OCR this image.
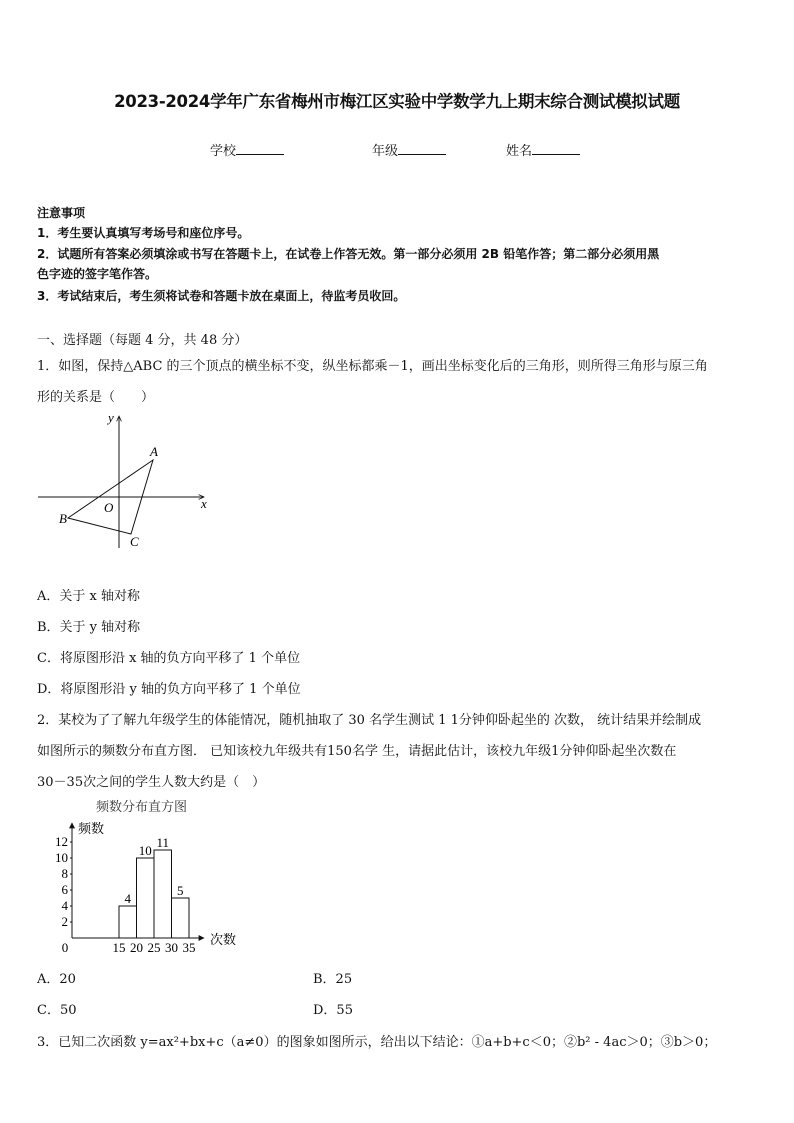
2023-2024学年广东省梅州市梅江区实验中学数学九上期末综合测试模拟试题
学校	年级	姓名
注意事项
1．考生要认真填写考场号和座位序号。
2．试题所有答案必须填涂或书写在答题卡上，在试卷上作答无效。第一部分必须用 2B 铅笔作答；第二部分必须用黑
色字迹的签字笔作答。
3．考试结束后，考生须将试卷和答题卡放在桌面上，待监考员收回。
一、选择题（每题 4 分，共 48 分）
1．如图，保持△ABC 的三个顶点的横坐标不变，纵坐标都乘－1，画出坐标变化后的三角形，则所得三角形与原三角
形的关系是（　　）
y
x
O
A
B
C
A．关于 x 轴对称
B．关于 y 轴对称
C．将原图形沿 x 轴的负方向平移了 1 个单位
D．将原图形沿 y 轴的负方向平移了 1 个单位
2．某校为了了解九年级学生的体能情况，随机抽取了 30 名学生测试 1 1分钟仰卧起坐的 次数， 统计结果并绘制成
如图所示的频数分布直方图． 已知该校九年级共有150名学 生，请据此估计，该校九年级1分钟仰卧起坐次数在
30－35次之间的学生人数大约是（　）
频数分布直方图
频数
次数
2
4
6
8
10
12
0	15 20 25 30 35
4
10
11
5
A．20	B．25
C．50	D．55
3．已知二次函数 y=ax²+bx+c（a≠0）的图象如图所示，给出以下结论：①a+b+c＜0；②b² - 4ac＞0；③b＞0；
